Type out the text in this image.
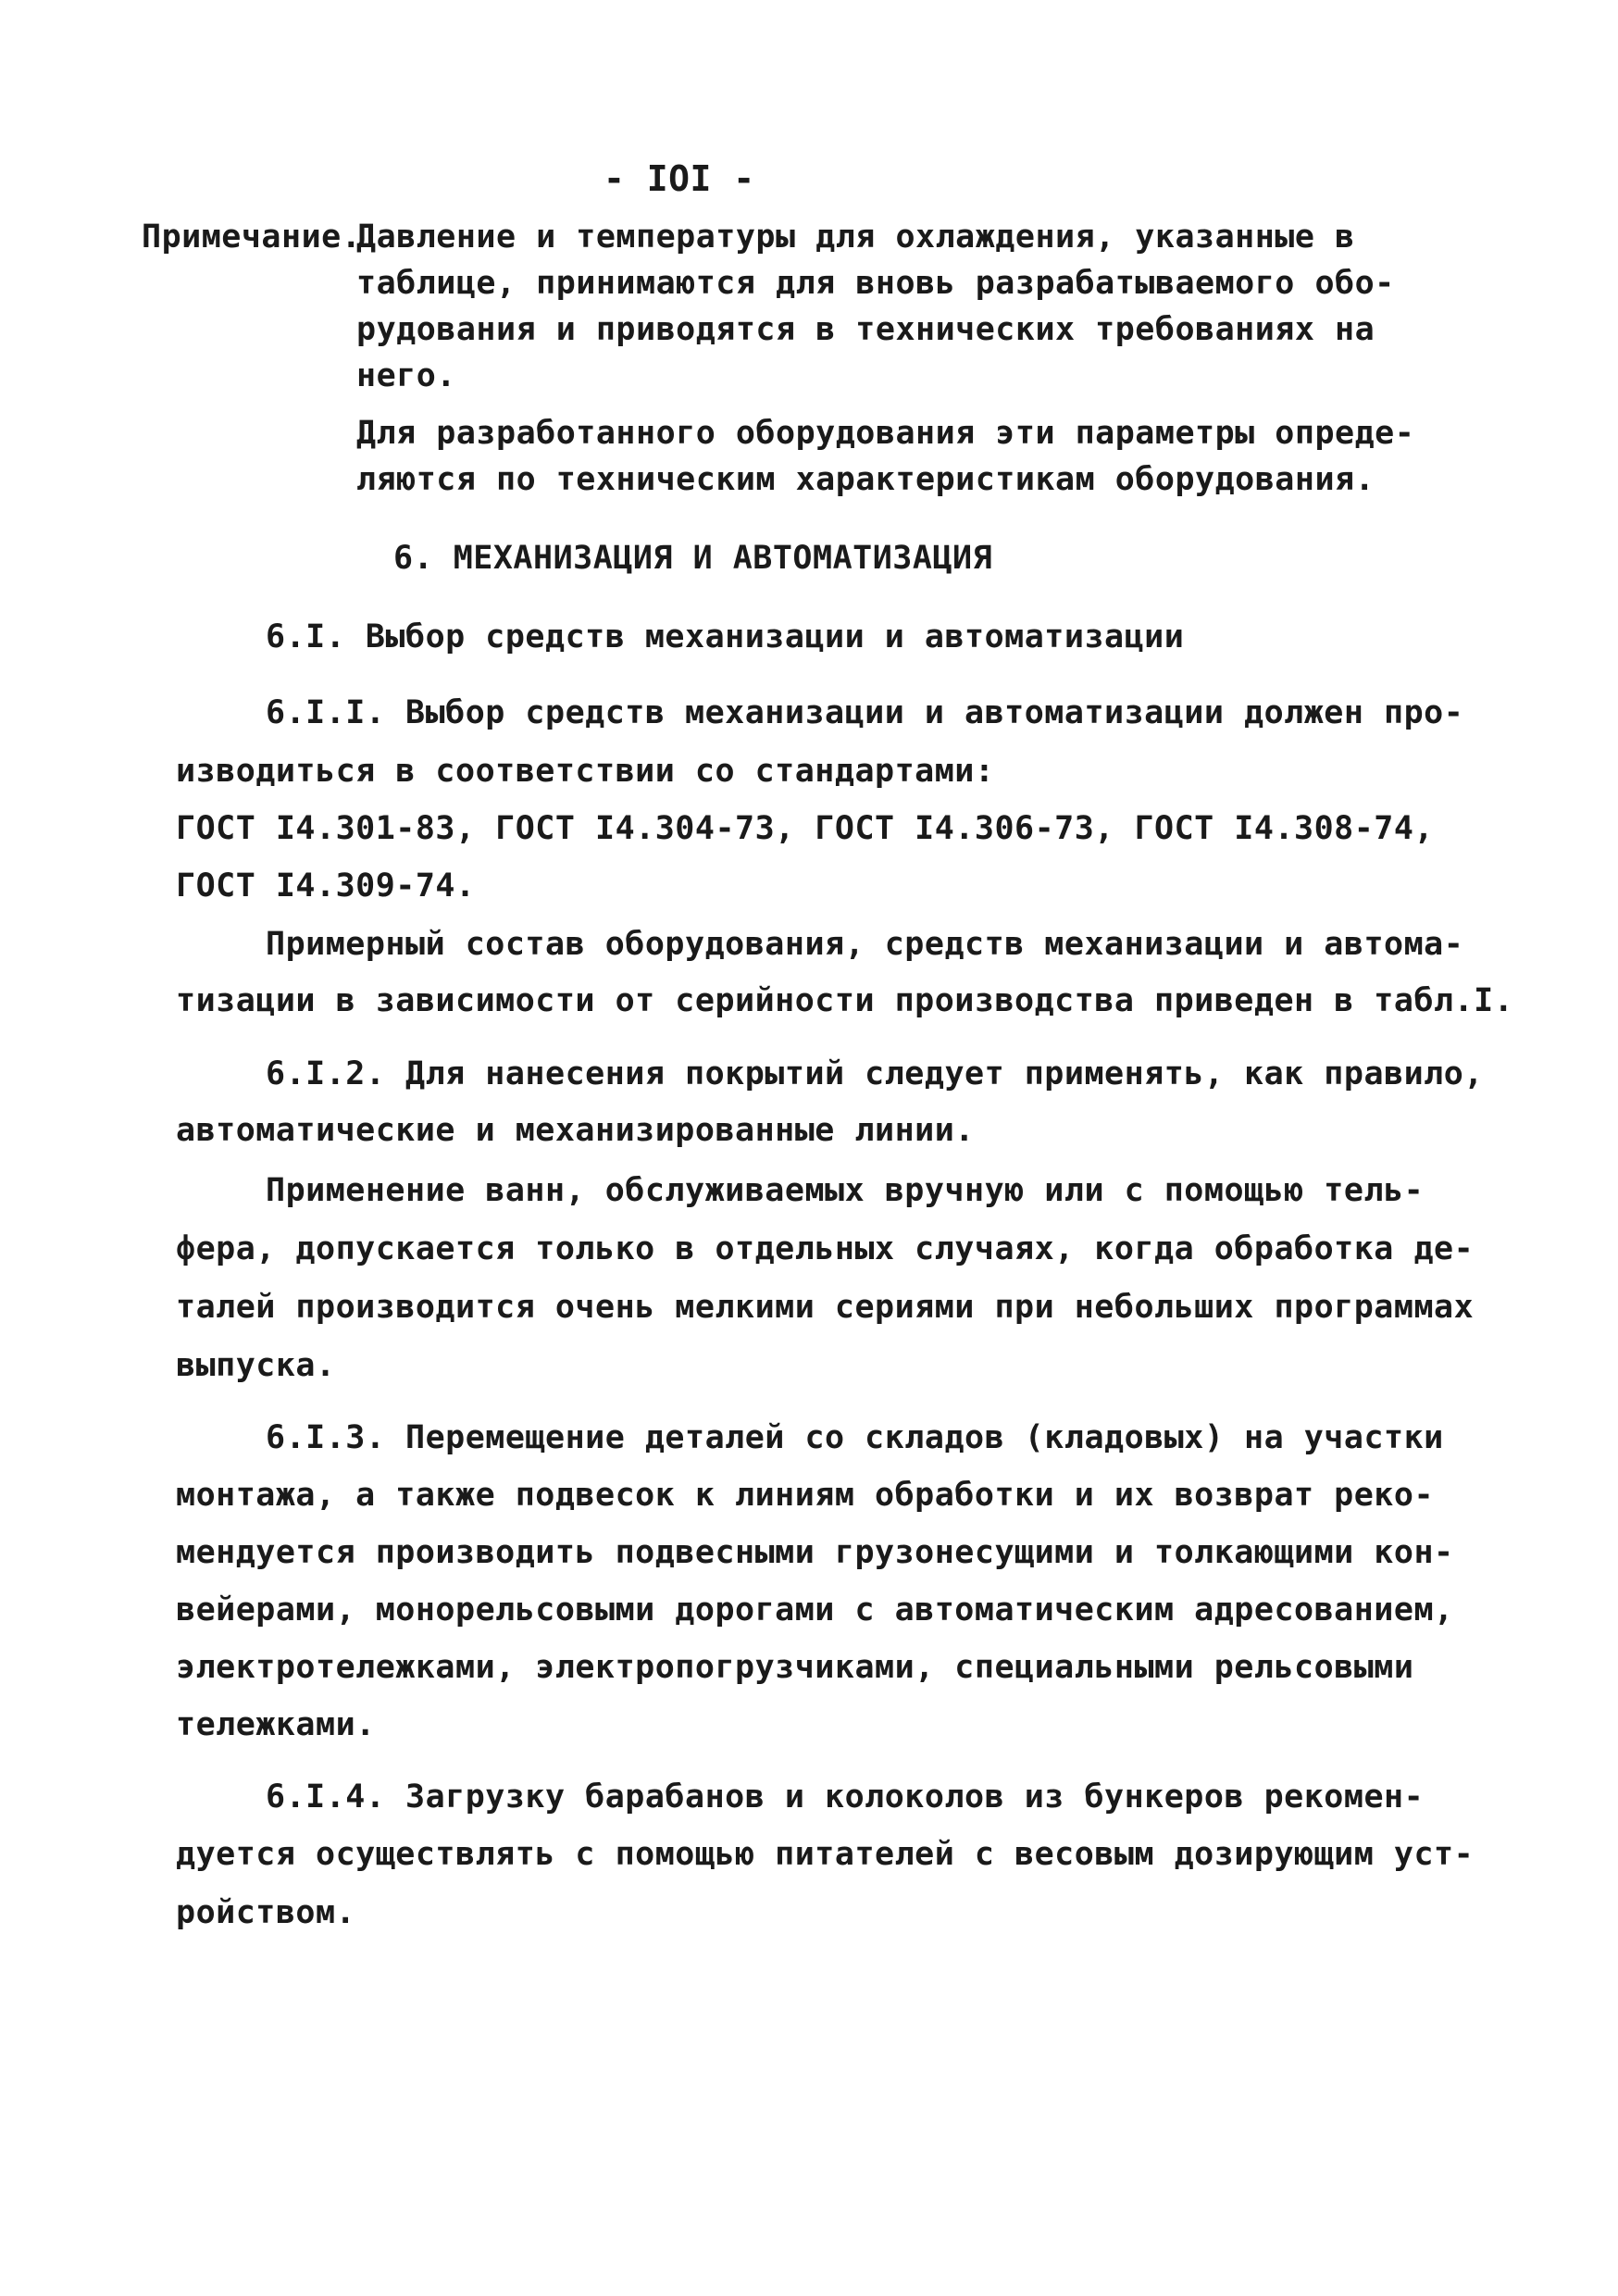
- IOI -
Примечание.
Давление и температуры для охлаждения, указанные в
таблице, принимаются для вновь разрабатываемого обо-
рудования и приводятся в технических требованиях на
него.
Для разработанного оборудования эти параметры опреде-
ляются по техническим характеристикам оборудования.
6. МЕХАНИЗАЦИЯ И АВТОМАТИЗАЦИЯ
6.I. Выбор средств механизации и автоматизации
6.I.I. Выбор средств механизации и автоматизации должен про-
изводиться в соответствии со стандартами:
ГОСТ I4.301-83, ГОСТ I4.304-73, ГОСТ I4.306-73, ГОСТ I4.308-74,
ГОСТ I4.309-74.
Примерный состав оборудования, средств механизации и автома-
тизации в зависимости от серийности производства приведен в табл.I.
6.I.2. Для нанесения покрытий следует применять, как правило,
автоматические и механизированные линии.
Применение ванн, обслуживаемых вручную или с помощью тель-
фера, допускается только в отдельных случаях, когда обработка де-
талей производится очень мелкими сериями при небольших программах
выпуска.
6.I.3. Перемещение деталей со складов (кладовых) на участки
монтажа, а также подвесок к линиям обработки и их возврат реко-
мендуется производить подвесными грузонесущими и толкающими кон-
вейерами, монорельсовыми дорогами с автоматическим адресованием,
электротележками, электропогрузчиками, специальными рельсовыми
тележками.
6.I.4. Загрузку барабанов и колоколов из бункеров рекомен-
дуется осуществлять с помощью питателей с весовым дозирующим уст-
ройством.
